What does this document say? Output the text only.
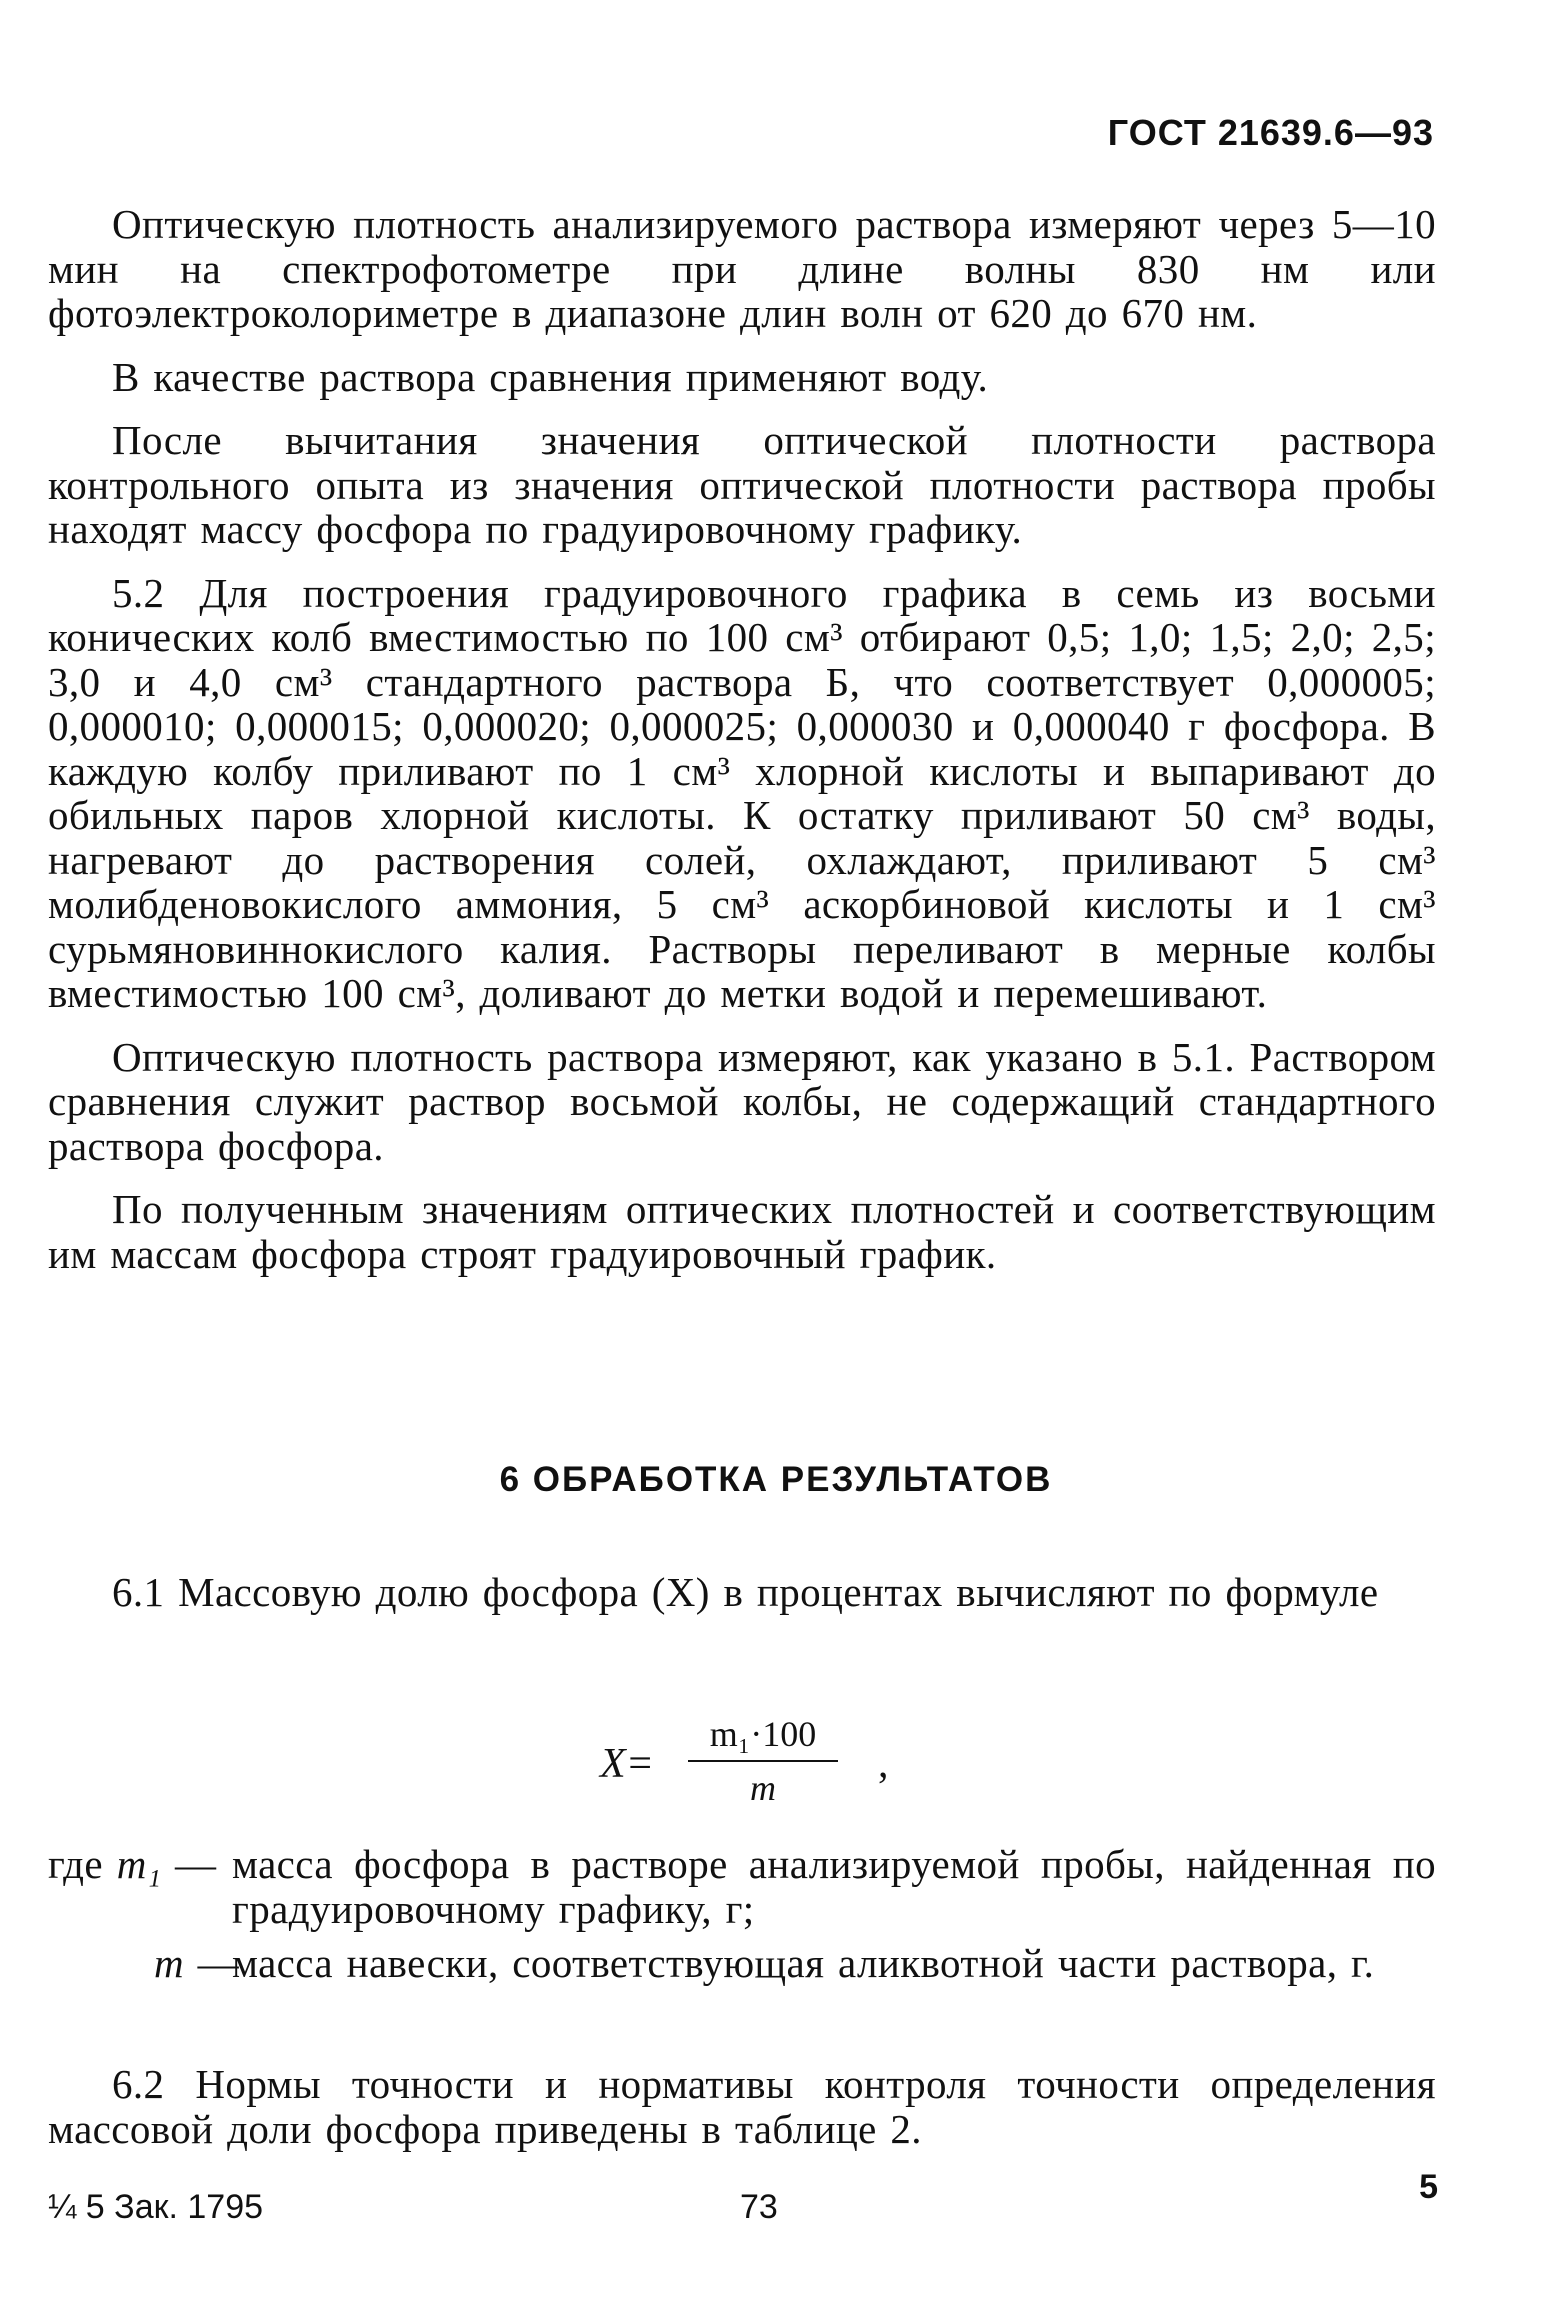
ГОСТ 21639.6—93

Оптическую плотность анализируемого раствора измеряют через 5—10 мин на спектрофотометре при длине волны 830 нм или фотоэлектроколориметре в диапазоне длин волн от 620 до 670 нм.

В качестве раствора сравнения применяют воду.

После вычитания значения оптической плотности раствора контрольного опыта из значения оптической плотности раствора пробы находят массу фосфора по градуировочному графику.

5.2 Для построения градуировочного графика в семь из восьми конических колб вместимостью по 100 см³ отбирают 0,5; 1,0; 1,5; 2,0; 2,5; 3,0 и 4,0 см³ стандартного раствора Б, что соответствует 0,000005; 0,000010; 0,000015; 0,000020; 0,000025; 0,000030 и 0,000040 г фосфора. В каждую колбу приливают по 1 см³ хлорной кислоты и выпаривают до обильных паров хлорной кислоты. К остатку приливают 50 см³ воды, нагревают до растворения солей, охлаждают, приливают 5 см³ молибденовокислого аммония, 5 см³ аскорбиновой кислоты и 1 см³ сурьмяновиннокислого калия. Растворы переливают в мерные колбы вместимостью 100 см³, доливают до метки водой и перемешивают.

Оптическую плотность раствора измеряют, как указано в 5.1. Раствором сравнения служит раствор восьмой колбы, не содержащий стандартного раствора фосфора.

По полученным значениям оптических плотностей и соответствующим им массам фосфора строят градуировочный график.

6 ОБРАБОТКА РЕЗУЛЬТАТОВ

6.1 Массовую долю фосфора (X) в процентах вычисляют по формуле

X=
m₁·100
m
,
где m₁ — масса фосфора в растворе анализируемой пробы, найденная по градуировочному графику, г;
m —
масса навески, соответствующая аликвотной части раствора, г.

6.2 Нормы точности и нормативы контроля точности определения массовой доли фосфора приведены в таблице 2.

¼ 5 Зак. 1795	73
5
